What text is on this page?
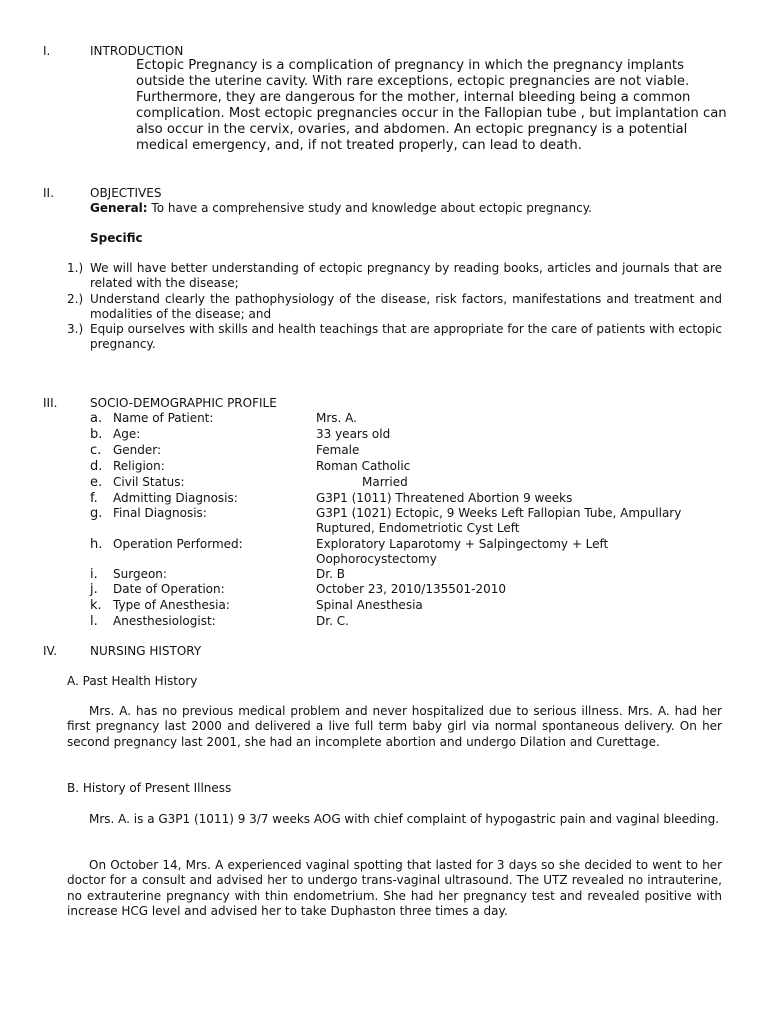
I.	INTRODUCTION
Ectopic Pregnancy is a complication of pregnancy in which the pregnancy implants outside the uterine cavity. With rare exceptions, ectopic pregnancies are not viable. Furthermore, they are dangerous for the mother, internal bleeding being a common complication. Most ectopic pregnancies occur in the Fallopian tube , but implantation can also occur in the cervix, ovaries, and abdomen. An ectopic pregnancy is a potential medical emergency, and, if not treated properly, can lead to death.
II.	OBJECTIVES
General: To have a comprehensive study and knowledge about ectopic pregnancy.
Specific
1.) We will have better understanding of ectopic pregnancy by reading books, articles and journals that are related with the disease;
2.) Understand clearly the pathophysiology of the disease, risk factors, manifestations and treatment and modalities of the disease; and
3.) Equip ourselves with skills and health teachings that are appropriate for the care of patients with ectopic pregnancy.
III.	SOCIO-DEMOGRAPHIC PROFILE
a. Name of Patient:	Mrs. A.
b. Age:	33 years old
c. Gender:	Female
d. Religion:	Roman Catholic
e. Civil Status:	Married
f.	Admitting Diagnosis:	G3P1 (1011) Threatened Abortion 9 weeks
g. Final Diagnosis:	G3P1 (1021) Ectopic, 9 Weeks Left Fallopian Tube, Ampullary Ruptured, Endometriotic Cyst Left
h. Operation Performed:	Exploratory Laparotomy + Salpingectomy + Left Oophorocystectomy
i.	Surgeon:	Dr. B
j.	Date of Operation:	October 23, 2010/135501-2010
k. Type of Anesthesia:	Spinal Anesthesia
l.	Anesthesiologist:	Dr. C.
IV.	NURSING HISTORY
A. Past Health History
Mrs. A. has no previous medical problem and never hospitalized due to serious illness. Mrs. A. had her first pregnancy last 2000 and delivered a live full term baby girl via normal spontaneous delivery. On her second pregnancy last 2001, she had an incomplete abortion and undergo Dilation and Curettage.
B. History of Present Illness
Mrs. A. is a G3P1 (1011) 9 3/7 weeks AOG with chief complaint of hypogastric pain and vaginal bleeding.
On October 14, Mrs. A experienced vaginal spotting that lasted for 3 days so she decided to went to her doctor for a consult and advised her to undergo trans-vaginal ultrasound. The UTZ revealed no intrauterine, no extrauterine pregnancy with thin endometrium. She had her pregnancy test and revealed positive with increase HCG level and advised her to take Duphaston three times a day.
